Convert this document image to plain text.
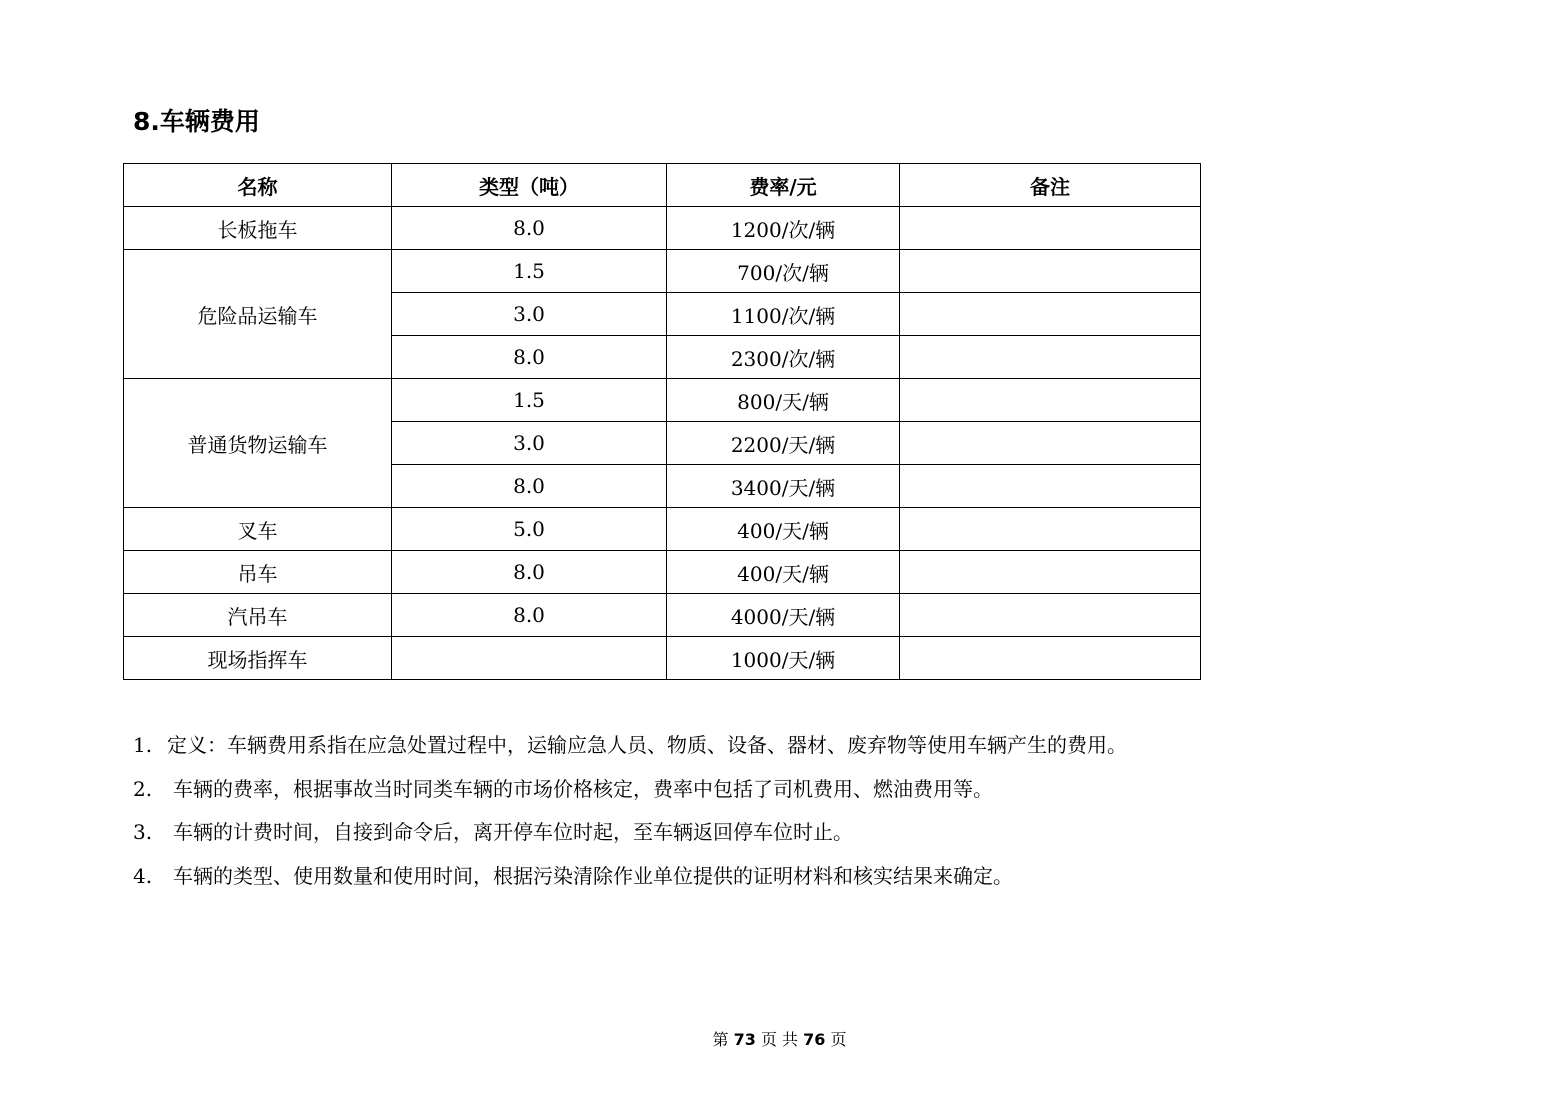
8.车辆费用
名称	类型（吨）	费率/元	备注
长板拖车	8.0	1200/次/辆	
危险品运输车	1.5	700/次/辆	
	3.0	1100/次/辆	
	8.0	2300/次/辆	
普通货物运输车	1.5	800/天/辆	
	3.0	2200/天/辆	
	8.0	3400/天/辆	
叉车	5.0	400/天/辆	
吊车	8.0	400/天/辆	
汽吊车	8.0	4000/天/辆	
现场指挥车		1000/天/辆	
1. 定义：车辆费用系指在应急处置过程中，运输应急人员、物质、设备、器材、废弃物等使用车辆产生的费用。
2. 车辆的费率，根据事故当时同类车辆的市场价格核定，费率中包括了司机费用、燃油费用等。
3. 车辆的计费时间，自接到命令后，离开停车位时起，至车辆返回停车位时止。
4. 车辆的类型、使用数量和使用时间，根据污染清除作业单位提供的证明材料和核实结果来确定。
第 73 页 共 76 页
